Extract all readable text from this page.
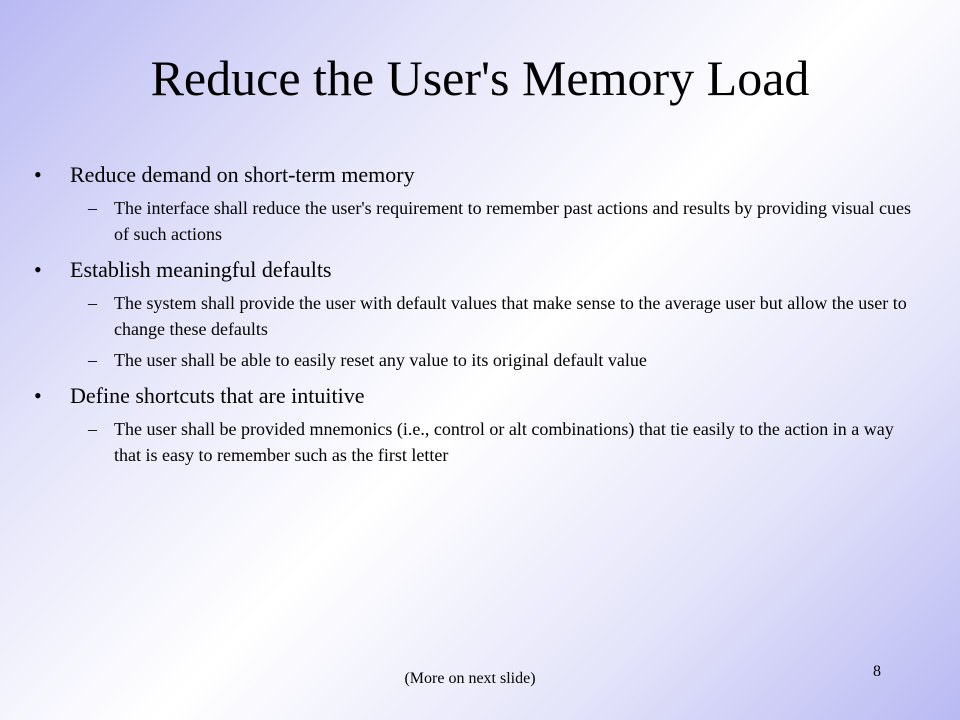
Reduce the User's Memory Load
•	Reduce demand on short-term memory
– The interface shall reduce the user's requirement to remember past actions and results by providing visual cues of such actions
•	Establish meaningful defaults
– The system shall provide the user with default values that make sense to the average user but allow the user to change these defaults
– The user shall be able to easily reset any value to its original default value
•	Define shortcuts that are intuitive
– The user shall be provided mnemonics (i.e., control or alt combinations) that tie easily to the action in a way that is easy to remember such as the first letter
(More on next slide)	8
